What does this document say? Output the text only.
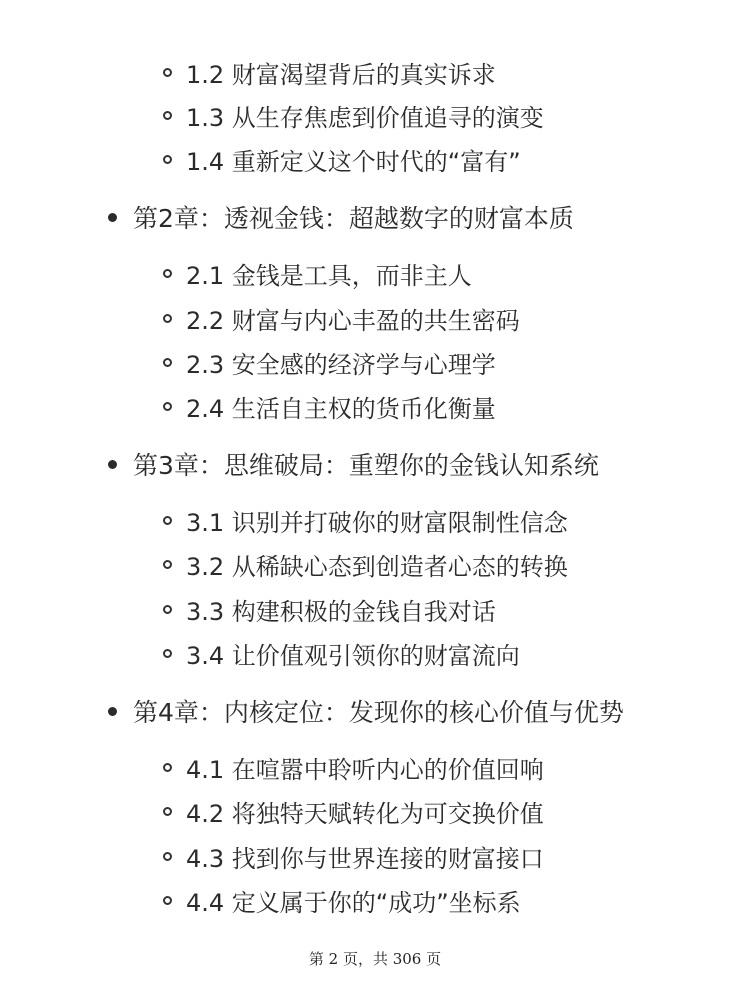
1.2 财富渴望背后的真实诉求
1.3 从生存焦虑到价值追寻的演变
1.4 重新定义这个时代的“富有”
第2章：透视金钱：超越数字的财富本质
2.1 金钱是工具，而非主人
2.2 财富与内心丰盈的共生密码
2.3 安全感的经济学与心理学
2.4 生活自主权的货币化衡量
第3章：思维破局：重塑你的金钱认知系统
3.1 识别并打破你的财富限制性信念
3.2 从稀缺心态到创造者心态的转换
3.3 构建积极的金钱自我对话
3.4 让价值观引领你的财富流向
第4章：内核定位：发现你的核心价值与优势
4.1 在喧嚣中聆听内心的价值回响
4.2 将独特天赋转化为可交换价值
4.3 找到你与世界连接的财富接口
4.4 定义属于你的“成功”坐标系
第 2 页，共 306 页
